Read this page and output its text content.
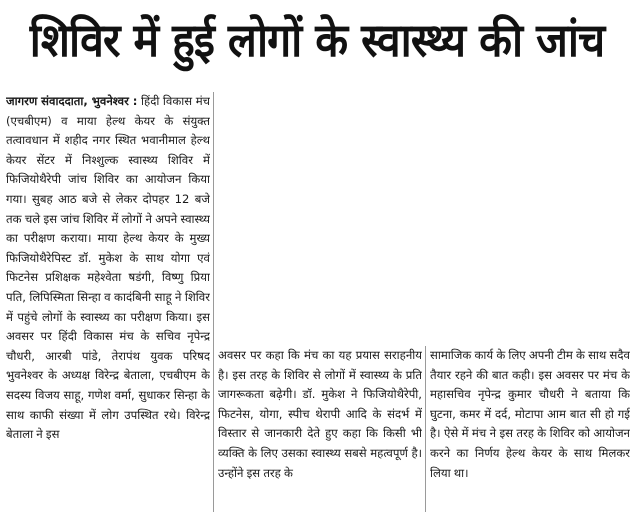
शिविर में हुई लोगों के स्वास्थ्य की जांच

जागरण संवाददाता, भुवनेश्वर : हिंदी विकास मंच (एचबीएम) व माया हेल्थ केयर के संयुक्त तत्वावधान में शहीद नगर स्थित भवानीमाल हेल्थ केयर सेंटर में निश्शुल्क स्वास्थ्य शिविर में फिजियोथैरेपी जांच शिविर का आयोजन किया गया। सुबह आठ बजे से लेकर दोपहर 12 बजे तक चले इस जांच शिविर में लोगों ने अपने स्वास्थ्य का परीक्षण कराया। माया हेल्थ केयर के मुख्य फिजियोथैरेपिस्ट डॉ. मुकेश के साथ योगा एवं फिटनेस प्रशिक्षक महेश्वेता षडंगी, विष्णु प्रिया पति, लिपिस्मिता सिन्हा व कादंबिनी साहू ने शिविर में पहुंचे लोगों के स्वास्थ्य का परीक्षण किया। इस अवसर पर हिंदी विकास मंच के सचिव नृपेन्द्र चौधरी, आरबी पांडे, तेरापंथ युवक परिषद भुवनेश्वर के अध्यक्ष विरेन्द्र बेताला, एचबीएम के सदस्य विजय साहू, गणेश वर्मा, सुधाकर सिन्हा के साथ काफी संख्या में लोग उपस्थित रथे। विरेन्द्र बेताला ने इस

अवसर पर कहा कि मंच का यह प्रयास सराहनीय है। इस तरह के शिविर से लोगों में स्वास्थ्य के प्रति जागरूकता बढ़ेगी। डॉ. मुकेश ने फिजियोथैरेपी, फिटनेस, योगा, स्पीच थेरापी आदि के संदर्भ में विस्तार से जानकारी देते हुए कहा कि किसी भी व्यक्ति के लिए उसका स्वास्थ्य सबसे महत्वपूर्ण है। उन्होंने इस तरह के

सामाजिक कार्य के लिए अपनी टीम के साथ सदैव तैयार रहने की बात कही। इस अवसर पर मंच के महासचिव नृपेन्द्र कुमार चौधरी ने बताया कि घुटना, कमर में दर्द, मोटापा आम बात सी हो गई है। ऐसे में मंच ने इस तरह के शिविर को आयोजन करने का निर्णय हेल्थ केयर के साथ मिलकर लिया था।
